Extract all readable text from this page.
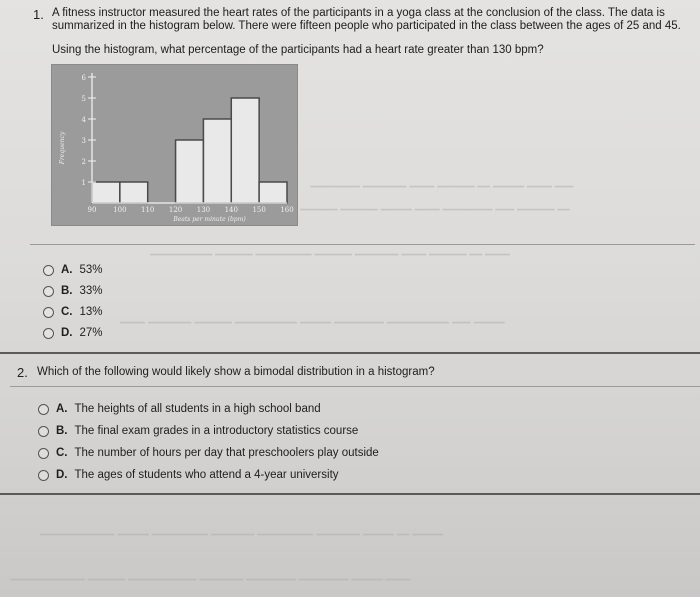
1. A fitness instructor measured the heart rates of the participants in a yoga class at the conclusion of the class. The data is
summarized in the histogram below. There were fifteen people who participated in the class between the ages of 25 and 45.
Using the histogram, what percentage of the participants had a heart rate greater than 130 bpm?
1
2
3
4
5
6
90 100 110 120 130 140 150 160
Beats per minute (bpm)
Frequency
A. 53%
B. 33%
C. 13%
D. 27%
2. Which of the following would likely show a bimodal distribution in a histogram?
A. The heights of all students in a high school band
B. The final exam grades in a introductory statistics course
C. The number of hours per day that preschoolers play outside
D. The ages of students who attend a 4-year university
━━━ ━━━━ ━━━━━ ━━ ━━━━━━ ━━━━ ━━━━━━━ ━━━━━━━━
━━ ━━━━━━ ━━━ ━━━━━━━━ ━━━━ ━━━━━ ━━━━━━ ━━━━━━
━━━━ ━━ ━━━━━━ ━━━━ ━━━━━━━ ━━━━━━ ━━━━━━━━━ ━━━━━━ ━━━━━━━━━━
━━━━━ ━━━ ━━━━━━━━━━ ━━━━━━━━ ━━━━━ ━━━━━━━━━━ ━━━━━━ ━━━━━━━ ━━━━
━━━━━ ━━ ━━━━━ ━━━━━━━ ━━━━━━━━━ ━━━━━━━ ━━━━━━━━━ ━━━━━ ━━━━━━━━━━━━
━━━━ ━━━━━ ━━━━━━━━ ━━━━━━━━ ━━━━━━━ ━━━━━━━━━━━ ━━━━━━ ━━━━━━━━━━━━
